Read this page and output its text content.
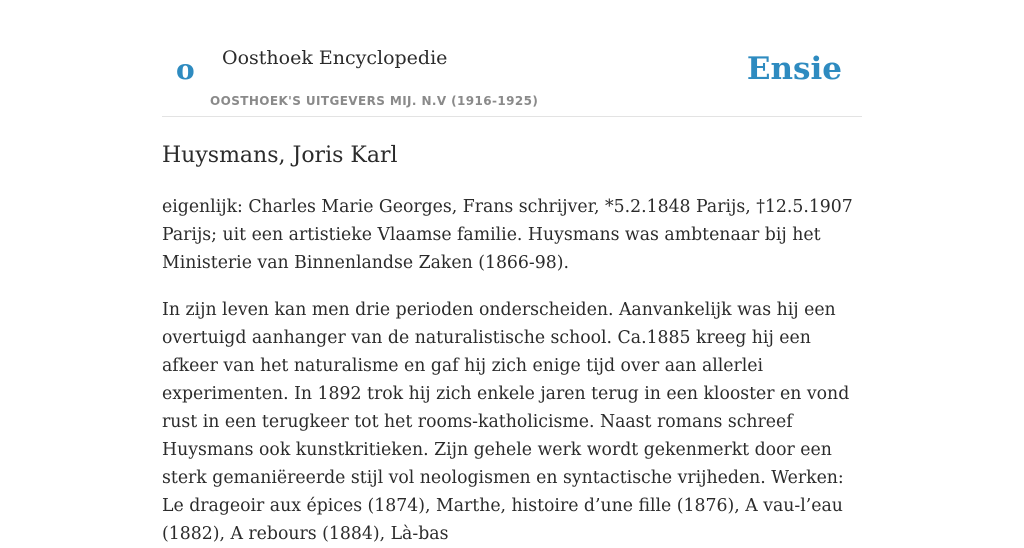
o Oosthoek Encyclopedie
OOSTHOEK'S UITGEVERS MIJ. N.V (1916-1925)
Ensie
Huysmans, Joris Karl

eigenlijk: Charles Marie Georges, Frans schrijver, *5.2.1848 Parijs, †12.5.1907 Parijs; uit een artistieke Vlaamse familie. Huysmans was ambtenaar bij het Ministerie van Binnenlandse Zaken (1866-98).

In zijn leven kan men drie perioden onderscheiden. Aanvankelijk was hij een overtuigd aanhanger van de naturalistische school. Ca.1885 kreeg hij een afkeer van het naturalisme en gaf hij zich enige tijd over aan allerlei experimenten. In 1892 trok hij zich enkele jaren terug in een klooster en vond rust in een terugkeer tot het rooms-katholicisme. Naast romans schreef Huysmans ook kunstkritieken. Zijn gehele werk wordt gekenmerkt door een sterk gemaniëreerde stijl vol neologismen en syntactische vrijheden. Werken: Le drageoir aux épices (1874), Marthe, histoire d’une fille (1876), A vau-l’eau (1882), A rebours (1884), Là-bas
